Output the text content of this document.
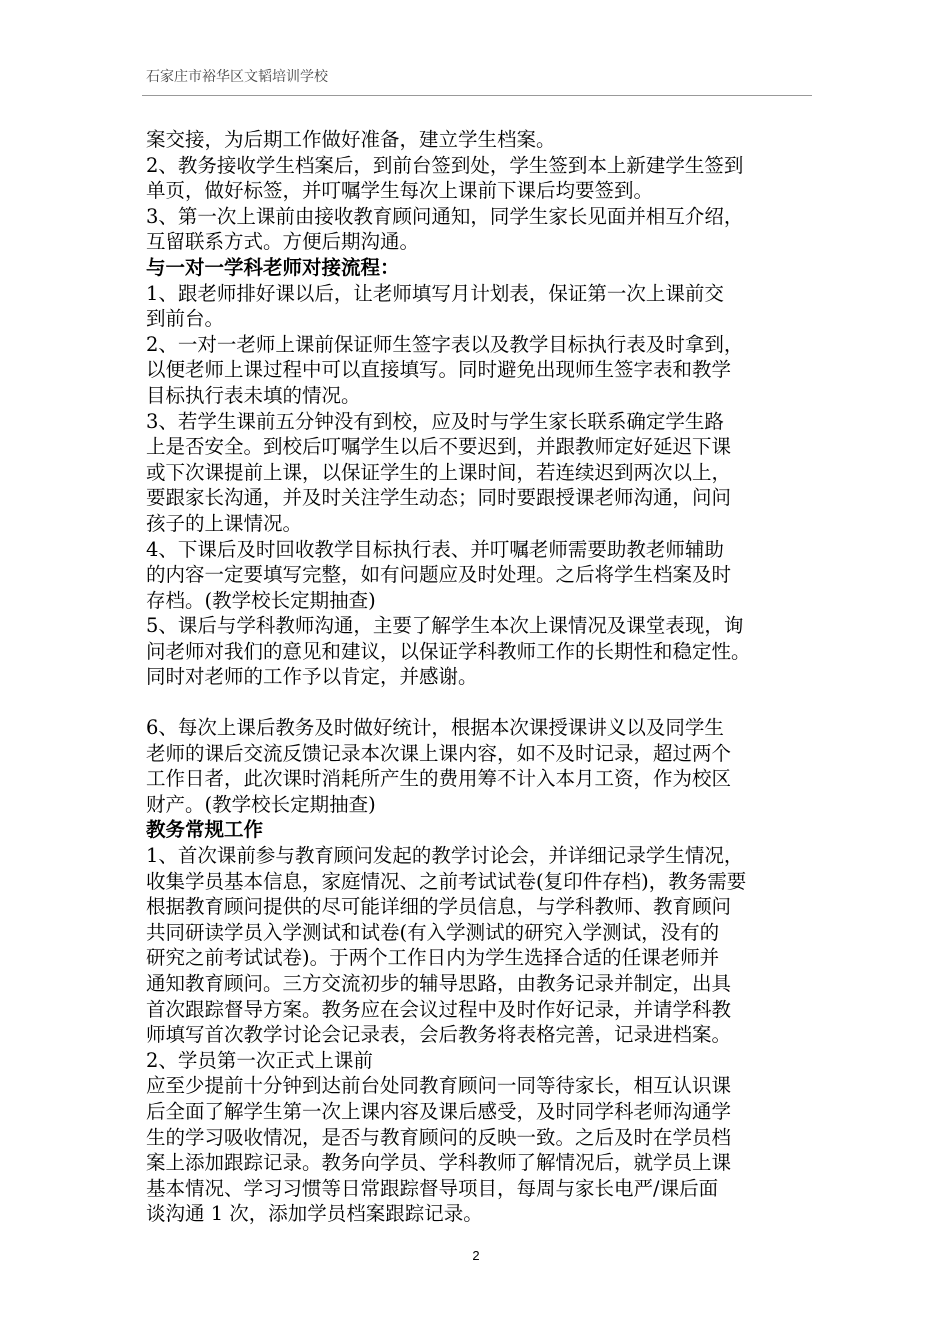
石家庄市裕华区文韬培训学校

案交接，为后期工作做好准备，建立学生档案。

2、教务接收学生档案后，到前台签到处，学生签到本上新建学生签到

单页，做好标签，并叮嘱学生每次上课前下课后均要签到。

3、第一次上课前由接收教育顾问通知，同学生家长见面并相互介绍，

互留联系方式。方便后期沟通。

与一对一学科老师对接流程：

1、跟老师排好课以后，让老师填写月计划表，保证第一次上课前交

到前台。

2、一对一老师上课前保证师生签字表以及教学目标执行表及时拿到，

以便老师上课过程中可以直接填写。同时避免出现师生签字表和教学

目标执行表未填的情况。

3、若学生课前五分钟没有到校，应及时与学生家长联系确定学生路

上是否安全。到校后叮嘱学生以后不要迟到，并跟教师定好延迟下课

或下次课提前上课，以保证学生的上课时间，若连续迟到两次以上，

要跟家长沟通，并及时关注学生动态；同时要跟授课老师沟通，问问

孩子的上课情况。

4、下课后及时回收教学目标执行表、并叮嘱老师需要助教老师辅助

的内容一定要填写完整，如有问题应及时处理。之后将学生档案及时

存档。(教学校长定期抽查)

5、课后与学科教师沟通，主要了解学生本次上课情况及课堂表现，询

问老师对我们的意见和建议，以保证学科教师工作的长期性和稳定性。

同时对老师的工作予以肯定，并感谢。

6、每次上课后教务及时做好统计，根据本次课授课讲义以及同学生

老师的课后交流反馈记录本次课上课内容，如不及时记录，超过两个

工作日者，此次课时消耗所产生的费用筹不计入本月工资，作为校区

财产。(教学校长定期抽查)

教务常规工作

1、首次课前参与教育顾问发起的教学讨论会，并详细记录学生情况，

收集学员基本信息，家庭情况、之前考试试卷(复印件存档)，教务需要

根据教育顾问提供的尽可能详细的学员信息，与学科教师、教育顾问

共同研读学员入学测试和试卷(有入学测试的研究入学测试，没有的

研究之前考试试卷)。于两个工作日内为学生选择合适的任课老师并

通知教育顾问。三方交流初步的辅导思路，由教务记录并制定，出具

首次跟踪督导方案。教务应在会议过程中及时作好记录，并请学科教

师填写首次教学讨论会记录表，会后教务将表格完善，记录进档案。

2、学员第一次正式上课前

应至少提前十分钟到达前台处同教育顾问一同等待家长，相互认识课

后全面了解学生第一次上课内容及课后感受，及时同学科老师沟通学

生的学习吸收情况，是否与教育顾问的反映一致。之后及时在学员档

案上添加跟踪记录。教务向学员、学科教师了解情况后，就学员上课

基本情况、学习习惯等日常跟踪督导项目，每周与家长电严/课后面

谈沟通 1 次，添加学员档案跟踪记录。

2
